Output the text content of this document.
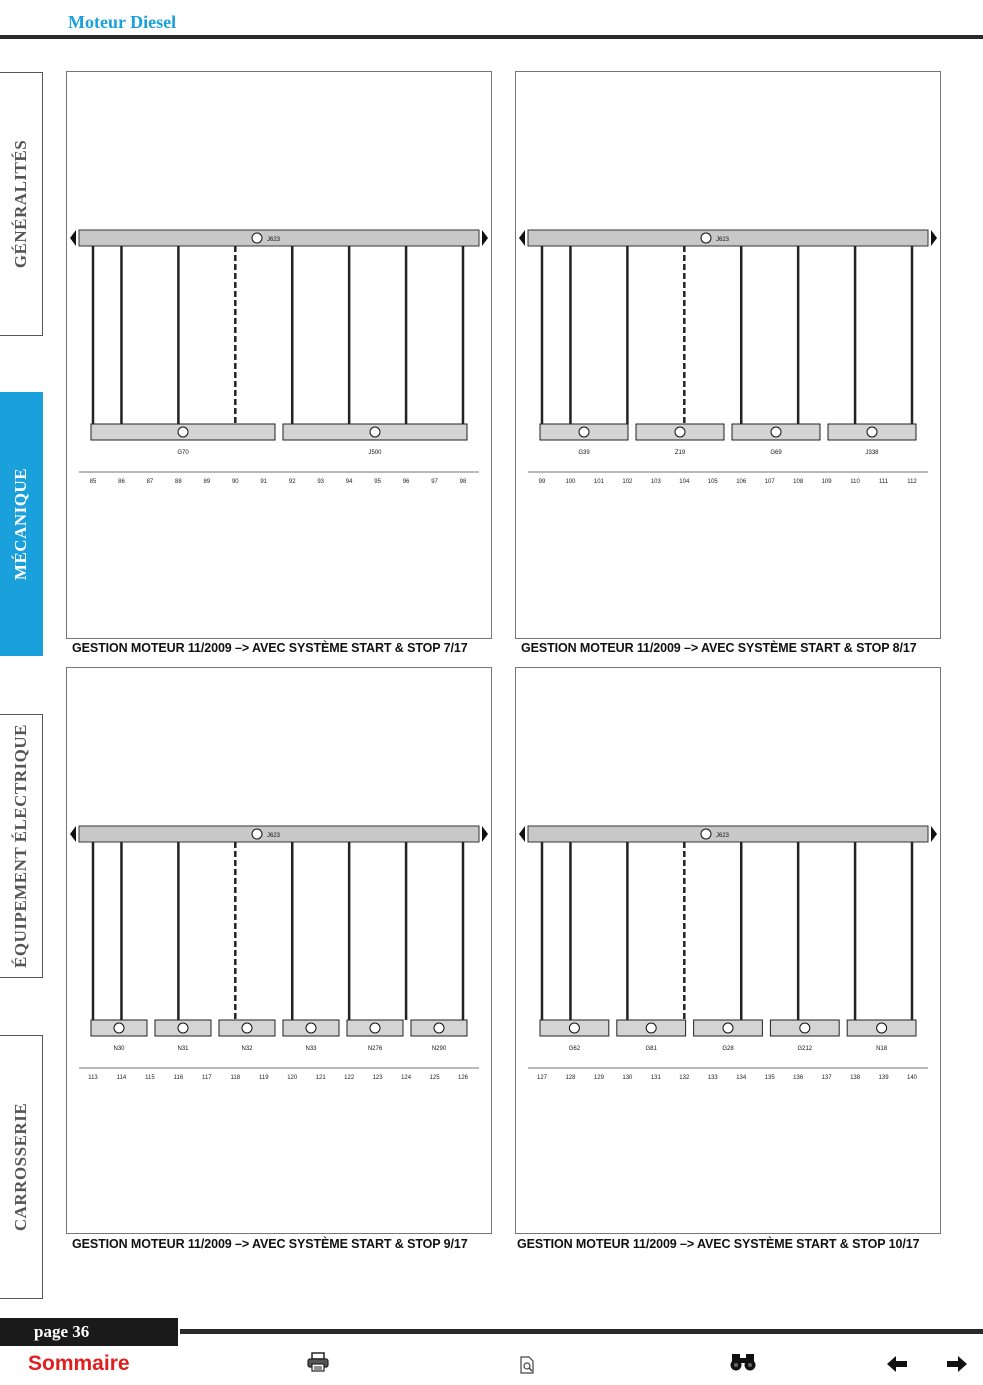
Moteur Diesel
GÉNÉRALITÉS
MÉCANIQUE
ÉQUIPEMENT ÉLECTRIQUE
CARROSSERIE
J623
85	86	87	88	89	90	91	92	93	94	95	96	97	98
G70	J500
J623
99	100	101	102	103	104	105	106	107	108	109	110	111	112
G39	Z19	G69	J338
J623
113	114	115	116	117	118	119	120	121	122	123	124	125	126
N30	N31	N32	N33	N276	N290
J623
127	128	129	130	131	132	133	134	135	136	137	138	139	140
G62	G81	G28	G212	N18
GESTION MOTEUR 11/2009 –> AVEC SYSTÈME START & STOP 7/17	GESTION MOTEUR 11/2009 –> AVEC SYSTÈME START & STOP 8/17
GESTION MOTEUR 11/2009 –> AVEC SYSTÈME START & STOP 9/17	GESTION MOTEUR 11/2009 –> AVEC SYSTÈME START & STOP 10/17
page 36
Sommaire
